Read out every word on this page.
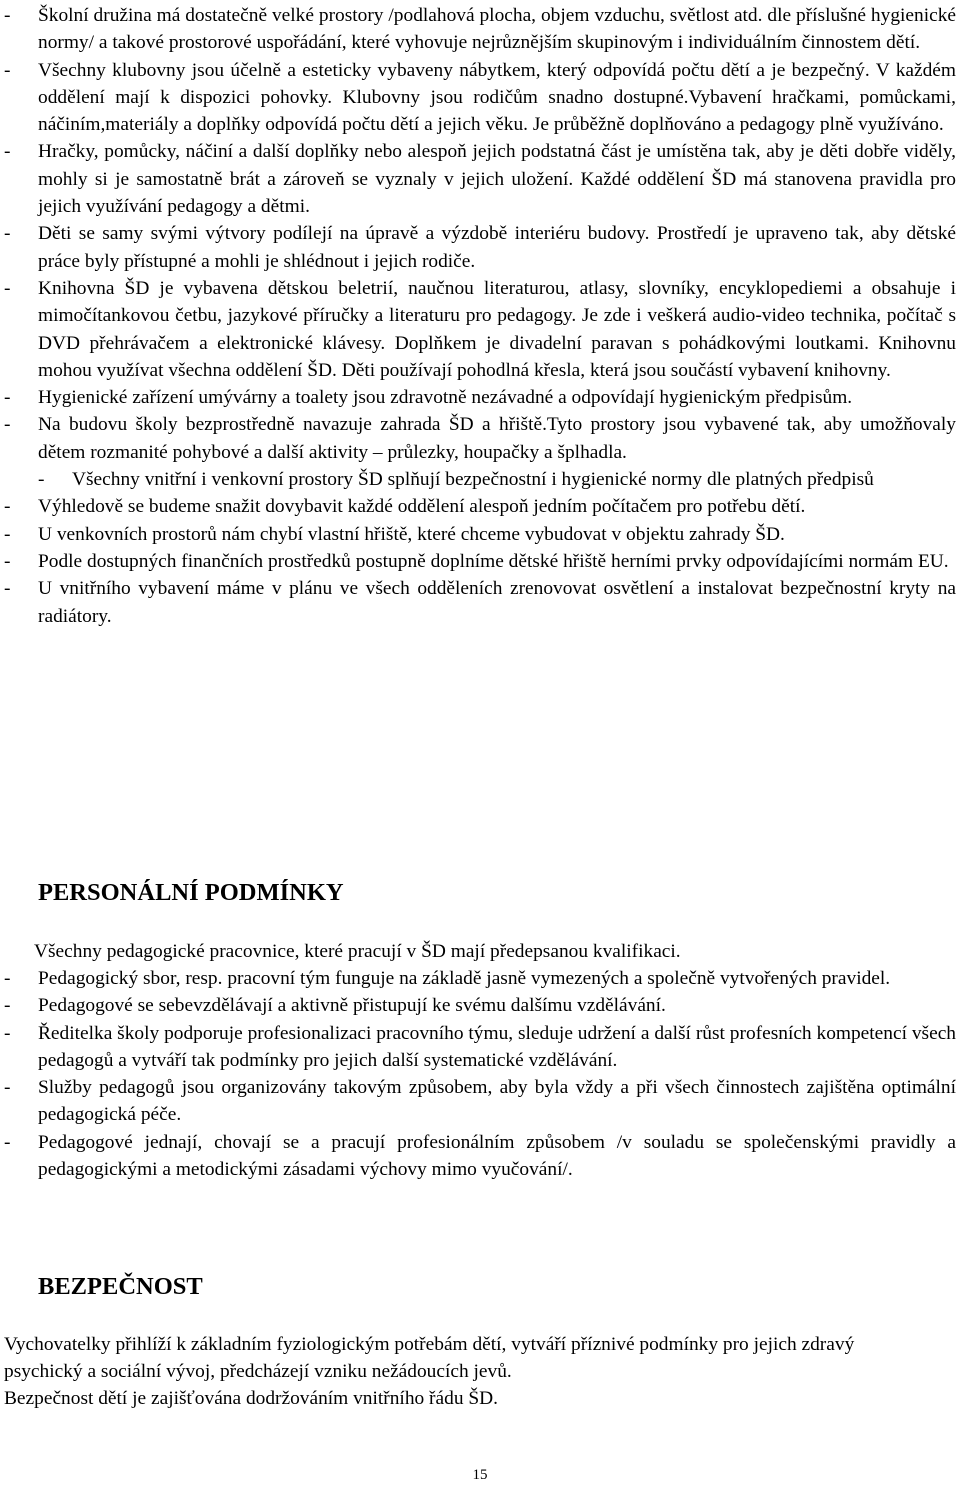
- Školní družina má dostatečně velké prostory /podlahová plocha, objem vzduchu, světlost atd. dle příslušné hygienické normy/ a takové prostorové uspořádání, které vyhovuje nejrůznějším skupinovým i individuálním činnostem dětí.
- Všechny klubovny jsou účelně a esteticky vybaveny nábytkem, který odpovídá počtu dětí a je bezpečný. V každém oddělení mají k dispozici pohovky. Klubovny jsou rodičům snadno dostupné.Vybavení hračkami, pomůckami, náčiním,materiály a doplňky odpovídá počtu dětí a jejich věku. Je průběžně doplňováno a pedagogy plně využíváno.
- Hračky, pomůcky, náčiní a další doplňky nebo alespoň jejich podstatná část je umístěna tak, aby je děti dobře viděly, mohly si je samostatně brát a zároveň se vyznaly v jejich uložení. Každé oddělení ŠD má stanovena pravidla pro jejich využívání pedagogy a dětmi.
- Děti se samy svými výtvory podílejí na úpravě a výzdobě interiéru budovy. Prostředí je upraveno tak, aby dětské práce byly přístupné a mohli je shlédnout i jejich rodiče.
- Knihovna ŠD je vybavena dětskou beletrií, naučnou literaturou, atlasy, slovníky, encyklopediemi a obsahuje i mimočítankovou četbu, jazykové příručky a literaturu pro pedagogy. Je zde i veškerá audio-video technika, počítač s DVD přehrávačem a elektronické klávesy. Doplňkem je divadelní paravan s pohádkovými loutkami. Knihovnu mohou využívat všechna oddělení ŠD. Děti používají pohodlná křesla, která jsou součástí vybavení knihovny.
- Hygienické zařízení umývárny a toalety jsou zdravotně nezávadné a odpovídají hygienickým předpisům.
- Na budovu školy bezprostředně navazuje zahrada ŠD a hřiště.Tyto prostory jsou vybavené tak, aby umožňovaly dětem rozmanité pohybové a další aktivity – průlezky, houpačky a šplhadla.
- Všechny vnitřní i venkovní prostory ŠD splňují bezpečnostní i hygienické normy dle platných předpisů
- Výhledově se budeme snažit dovybavit každé oddělení alespoň jedním počítačem pro potřebu dětí.
- U venkovních prostorů nám chybí vlastní hřiště, které chceme vybudovat v objektu zahrady ŠD.
- Podle dostupných finančních prostředků postupně doplníme dětské hřiště herními prvky odpovídajícími normám EU.
- U vnitřního vybavení máme v plánu ve všech odděleních zrenovovat osvětlení a instalovat bezpečnostní kryty na radiátory.
PERSONÁLNÍ PODMÍNKY
Všechny pedagogické pracovnice, které pracují v ŠD mají předepsanou kvalifikaci.
- Pedagogický sbor, resp. pracovní tým funguje na základě jasně vymezených a společně vytvořených pravidel.
- Pedagogové se sebevzdělávají a aktivně přistupují ke svému dalšímu vzdělávání.
- Ředitelka školy podporuje profesionalizaci pracovního týmu, sleduje udržení a další růst profesních kompetencí všech pedagogů a vytváří tak podmínky pro jejich další systematické vzdělávání.
- Služby pedagogů jsou organizovány takovým způsobem, aby byla vždy a při všech činnostech zajištěna optimální pedagogická péče.
- Pedagogové jednají, chovají se a pracují profesionálním způsobem /v souladu se společenskými pravidly a pedagogickými a metodickými zásadami výchovy mimo vyučování/.
BEZPEČNOST
Vychovatelky přihlíží k základním fyziologickým potřebám dětí, vytváří příznivé podmínky pro jejich zdravý psychický a sociální vývoj, předcházejí vzniku nežádoucích jevů.
Bezpečnost dětí je zajišťována dodržováním vnitřního řádu ŠD.
15
